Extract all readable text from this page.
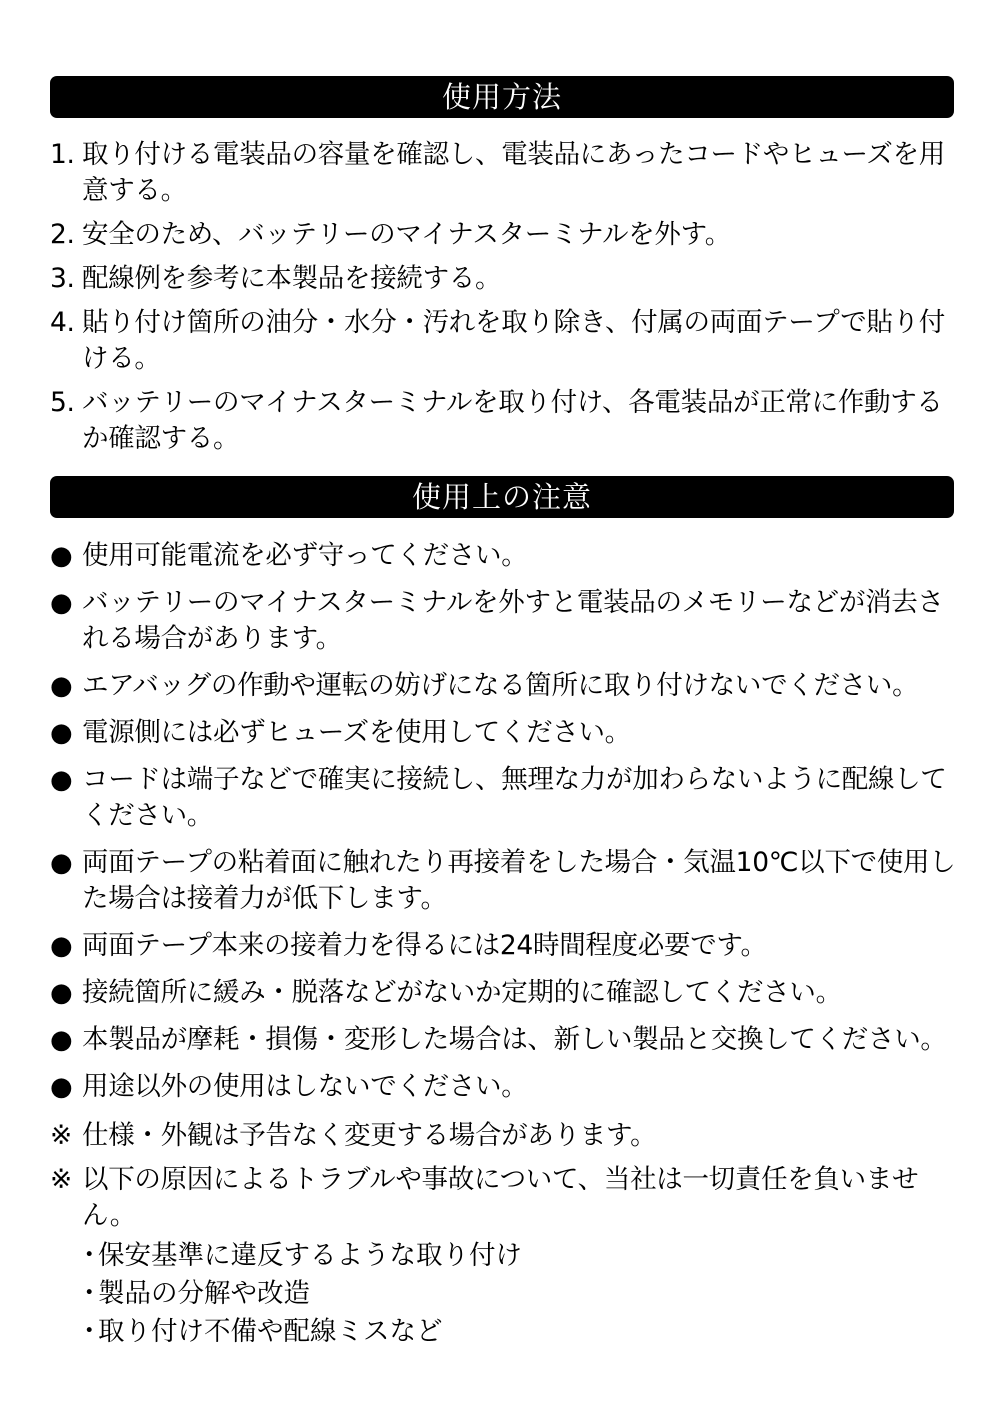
使用方法
1. 取り付ける電装品の容量を確認し、電装品にあったコードやヒューズを用意する。
2. 安全のため、バッテリーのマイナスターミナルを外す。
3. 配線例を参考に本製品を接続する。
4. 貼り付け箇所の油分・水分・汚れを取り除き、付属の両面テープで貼り付ける。
5. バッテリーのマイナスターミナルを取り付け、各電装品が正常に作動するか確認する。
使用上の注意
● 使用可能電流を必ず守ってください。
● バッテリーのマイナスターミナルを外すと電装品のメモリーなどが消去される場合があります。
● エアバッグの作動や運転の妨げになる箇所に取り付けないでください。
● 電源側には必ずヒューズを使用してください。
● コードは端子などで確実に接続し、無理な力が加わらないように配線してください。
● 両面テープの粘着面に触れたり再接着をした場合・気温10℃以下で使用した場合は接着力が低下します。
● 両面テープ本来の接着力を得るには24時間程度必要です。
● 接続箇所に緩み・脱落などがないか定期的に確認してください。
● 本製品が摩耗・損傷・変形した場合は、新しい製品と交換してください。
● 用途以外の使用はしないでください。
※ 仕様・外観は予告なく変更する場合があります。
※ 以下の原因によるトラブルや事故について、当社は一切責任を負いません。
・
保安基準に違反するような取り付け
・
製品の分解や改造
・
取り付け不備や配線ミスなど
